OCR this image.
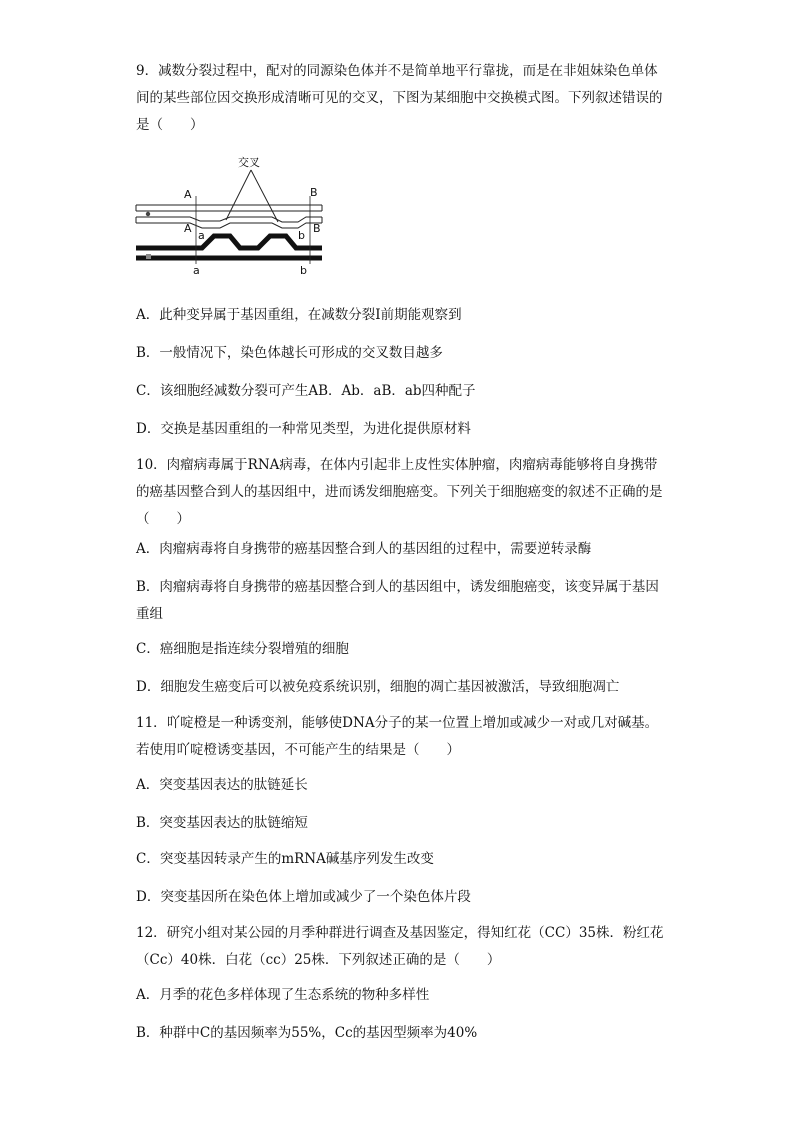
9．减数分裂过程中，配对的同源染色体并不是简单地平行靠拢，而是在非姐妹染色单体间的某些部位因交换形成清晰可见的交叉，下图为某细胞中交换模式图。下列叙述错误的是（　　）

交叉
A
A
a
a
B
B
b
b

A．此种变异属于基因重组，在减数分裂I前期能观察到

B．一般情况下，染色体越长可形成的交叉数目越多

C．该细胞经减数分裂可产生AB．Ab．aB．ab四种配子

D．交换是基因重组的一种常见类型，为进化提供原材料

10．肉瘤病毒属于RNA病毒，在体内引起非上皮性实体肿瘤，肉瘤病毒能够将自身携带的癌基因整合到人的基因组中，进而诱发细胞癌变。下列关于细胞癌变的叙述不正确的是（　　）

A．肉瘤病毒将自身携带的癌基因整合到人的基因组的过程中，需要逆转录酶

B．肉瘤病毒将自身携带的癌基因整合到人的基因组中，诱发细胞癌变，该变异属于基因重组

C．癌细胞是指连续分裂增殖的细胞

D．细胞发生癌变后可以被免疫系统识别，细胞的凋亡基因被激活，导致细胞凋亡

11．吖啶橙是一种诱变剂，能够使DNA分子的某一位置上增加或减少一对或几对碱基。若使用吖啶橙诱变基因，不可能产生的结果是（　　）

A．突变基因表达的肽链延长

B．突变基因表达的肽链缩短

C．突变基因转录产生的mRNA碱基序列发生改变

D．突变基因所在染色体上增加或减少了一个染色体片段

12．研究小组对某公园的月季种群进行调查及基因鉴定，得知红花（CC）35株．粉红花（Cc）40株．白花（cc）25株．下列叙述正确的是（　　）

A．月季的花色多样体现了生态系统的物种多样性

B．种群中C的基因频率为55%，Cc的基因型频率为40%
